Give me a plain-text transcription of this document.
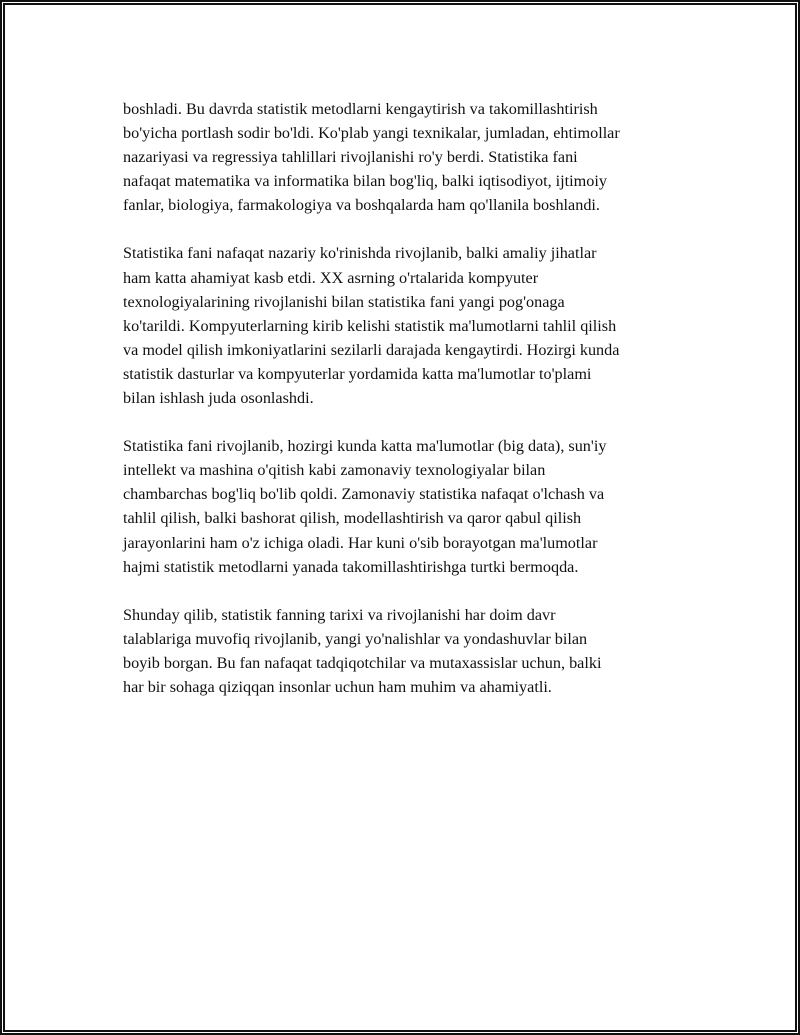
boshladi. Bu davrda statistik metodlarni kengaytirish va takomillashtirish
bo'yicha portlash sodir bo'ldi. Ko'plab yangi texnikalar, jumladan, ehtimollar
nazariyasi va regressiya tahlillari rivojlanishi ro'y berdi. Statistika fani
nafaqat matematika va informatika bilan bog'liq, balki iqtisodiyot, ijtimoiy
fanlar, biologiya, farmakologiya va boshqalarda ham qo'llanila boshlandi.

Statistika fani nafaqat nazariy ko'rinishda rivojlanib, balki amaliy jihatlar
ham katta ahamiyat kasb etdi. XX asrning o'rtalarida kompyuter
texnologiyalarining rivojlanishi bilan statistika fani yangi pog'onaga
ko'tarildi. Kompyuterlarning kirib kelishi statistik ma'lumotlarni tahlil qilish
va model qilish imkoniyatlarini sezilarli darajada kengaytirdi. Hozirgi kunda
statistik dasturlar va kompyuterlar yordamida katta ma'lumotlar to'plami
bilan ishlash juda osonlashdi.

Statistika fani rivojlanib, hozirgi kunda katta ma'lumotlar (big data), sun'iy
intellekt va mashina o'qitish kabi zamonaviy texnologiyalar bilan
chambarchas bog'liq bo'lib qoldi. Zamonaviy statistika nafaqat o'lchash va
tahlil qilish, balki bashorat qilish, modellashtirish va qaror qabul qilish
jarayonlarini ham o'z ichiga oladi. Har kuni o'sib borayotgan ma'lumotlar
hajmi statistik metodlarni yanada takomillashtirishga turtki bermoqda.

Shunday qilib, statistik fanning tarixi va rivojlanishi har doim davr
talablariga muvofiq rivojlanib, yangi yo'nalishlar va yondashuvlar bilan
boyib borgan. Bu fan nafaqat tadqiqotchilar va mutaxassislar uchun, balki
har bir sohaga qiziqqan insonlar uchun ham muhim va ahamiyatli.
